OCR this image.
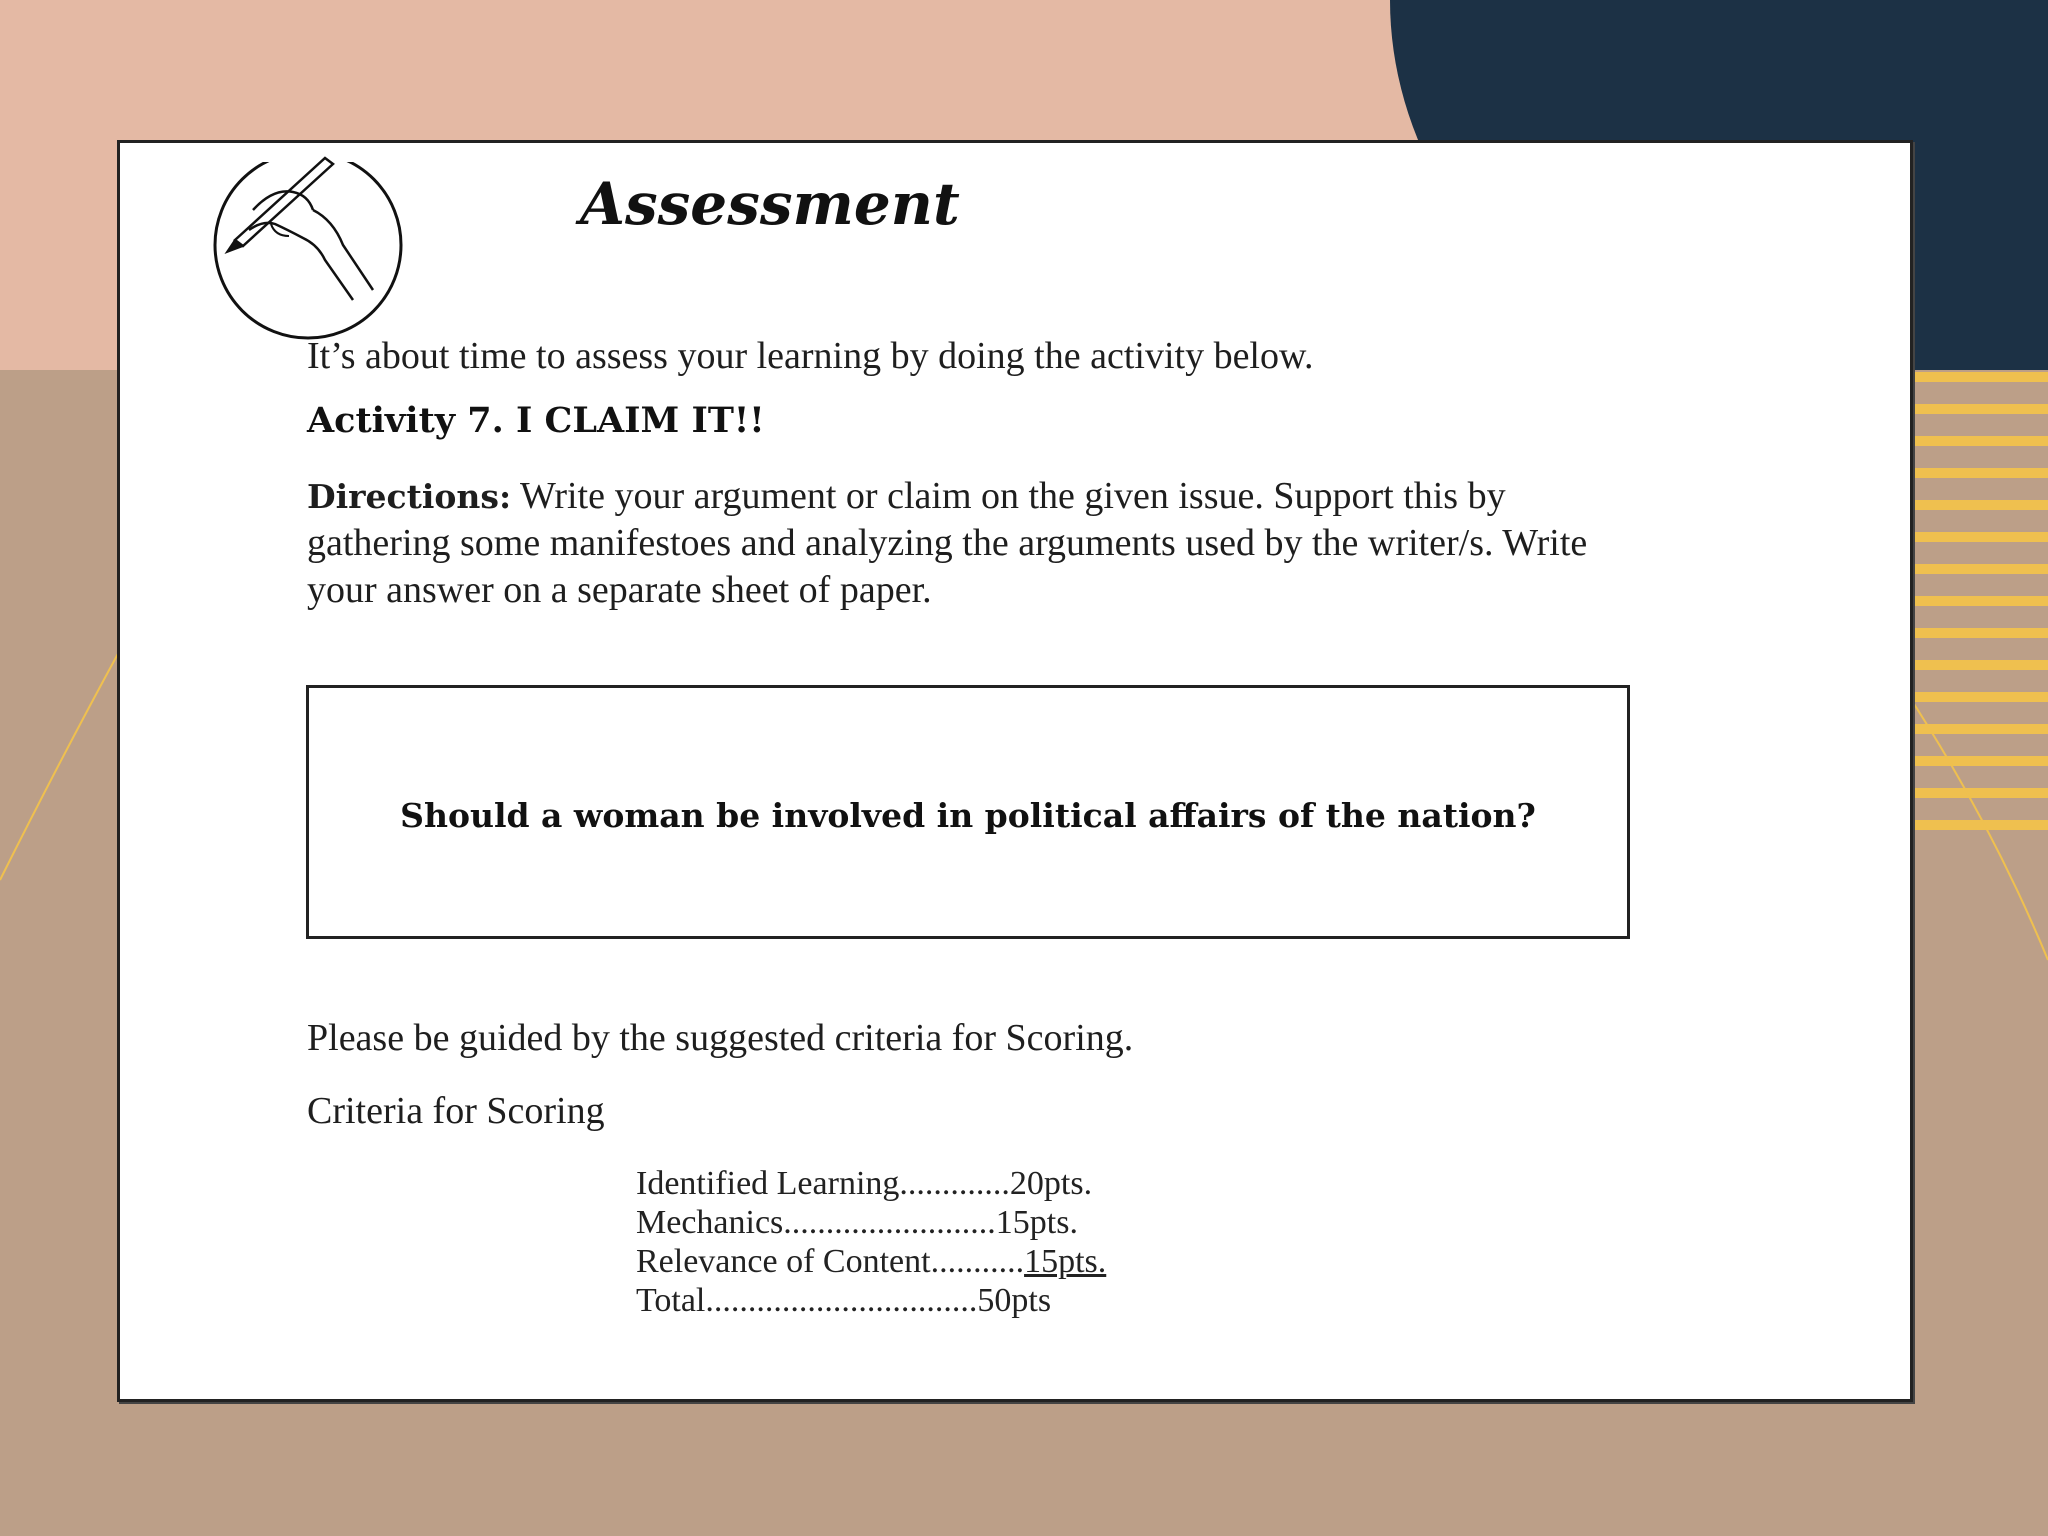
Assessment
It’s about time to assess your learning by doing the activity below.
Activity 7. I CLAIM IT!!
Directions: Write your argument or claim on the given issue. Support this by gathering some manifestoes and analyzing the arguments used by the writer/s. Write your answer on a separate sheet of paper.
Should a woman be involved in political affairs of the nation?
Please be guided by the suggested criteria for Scoring.
Criteria for Scoring
Identified Learning.............20pts.
Mechanics.........................15pts.
Relevance of Content...........15pts.
Total................................50pts
